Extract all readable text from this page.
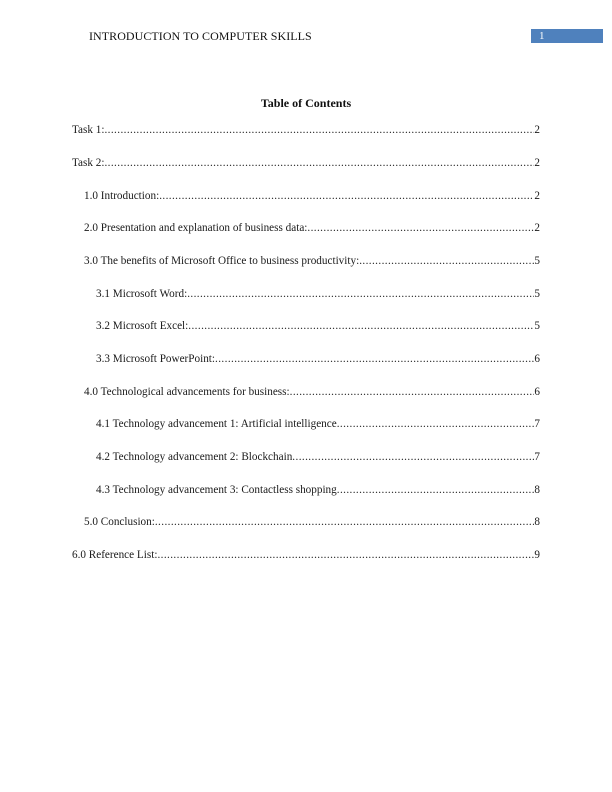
INTRODUCTION TO COMPUTER SKILLS	1
Table of Contents
Task 1: .....	2
Task 2: .....	2
1.0 Introduction: .....	2
2.0 Presentation and explanation of business data: .....	2
3.0 The benefits of Microsoft Office to business productivity: .....	5
3.1 Microsoft Word: .....	5
3.2 Microsoft Excel: .....	5
3.3 Microsoft PowerPoint: .....	6
4.0 Technological advancements for business: .....	6
4.1 Technology advancement 1: Artificial intelligence .....	7
4.2 Technology advancement 2: Blockchain .....	7
4.3 Technology advancement 3: Contactless shopping .....	8
5.0 Conclusion: .....	8
6.0 Reference List: .....	9
